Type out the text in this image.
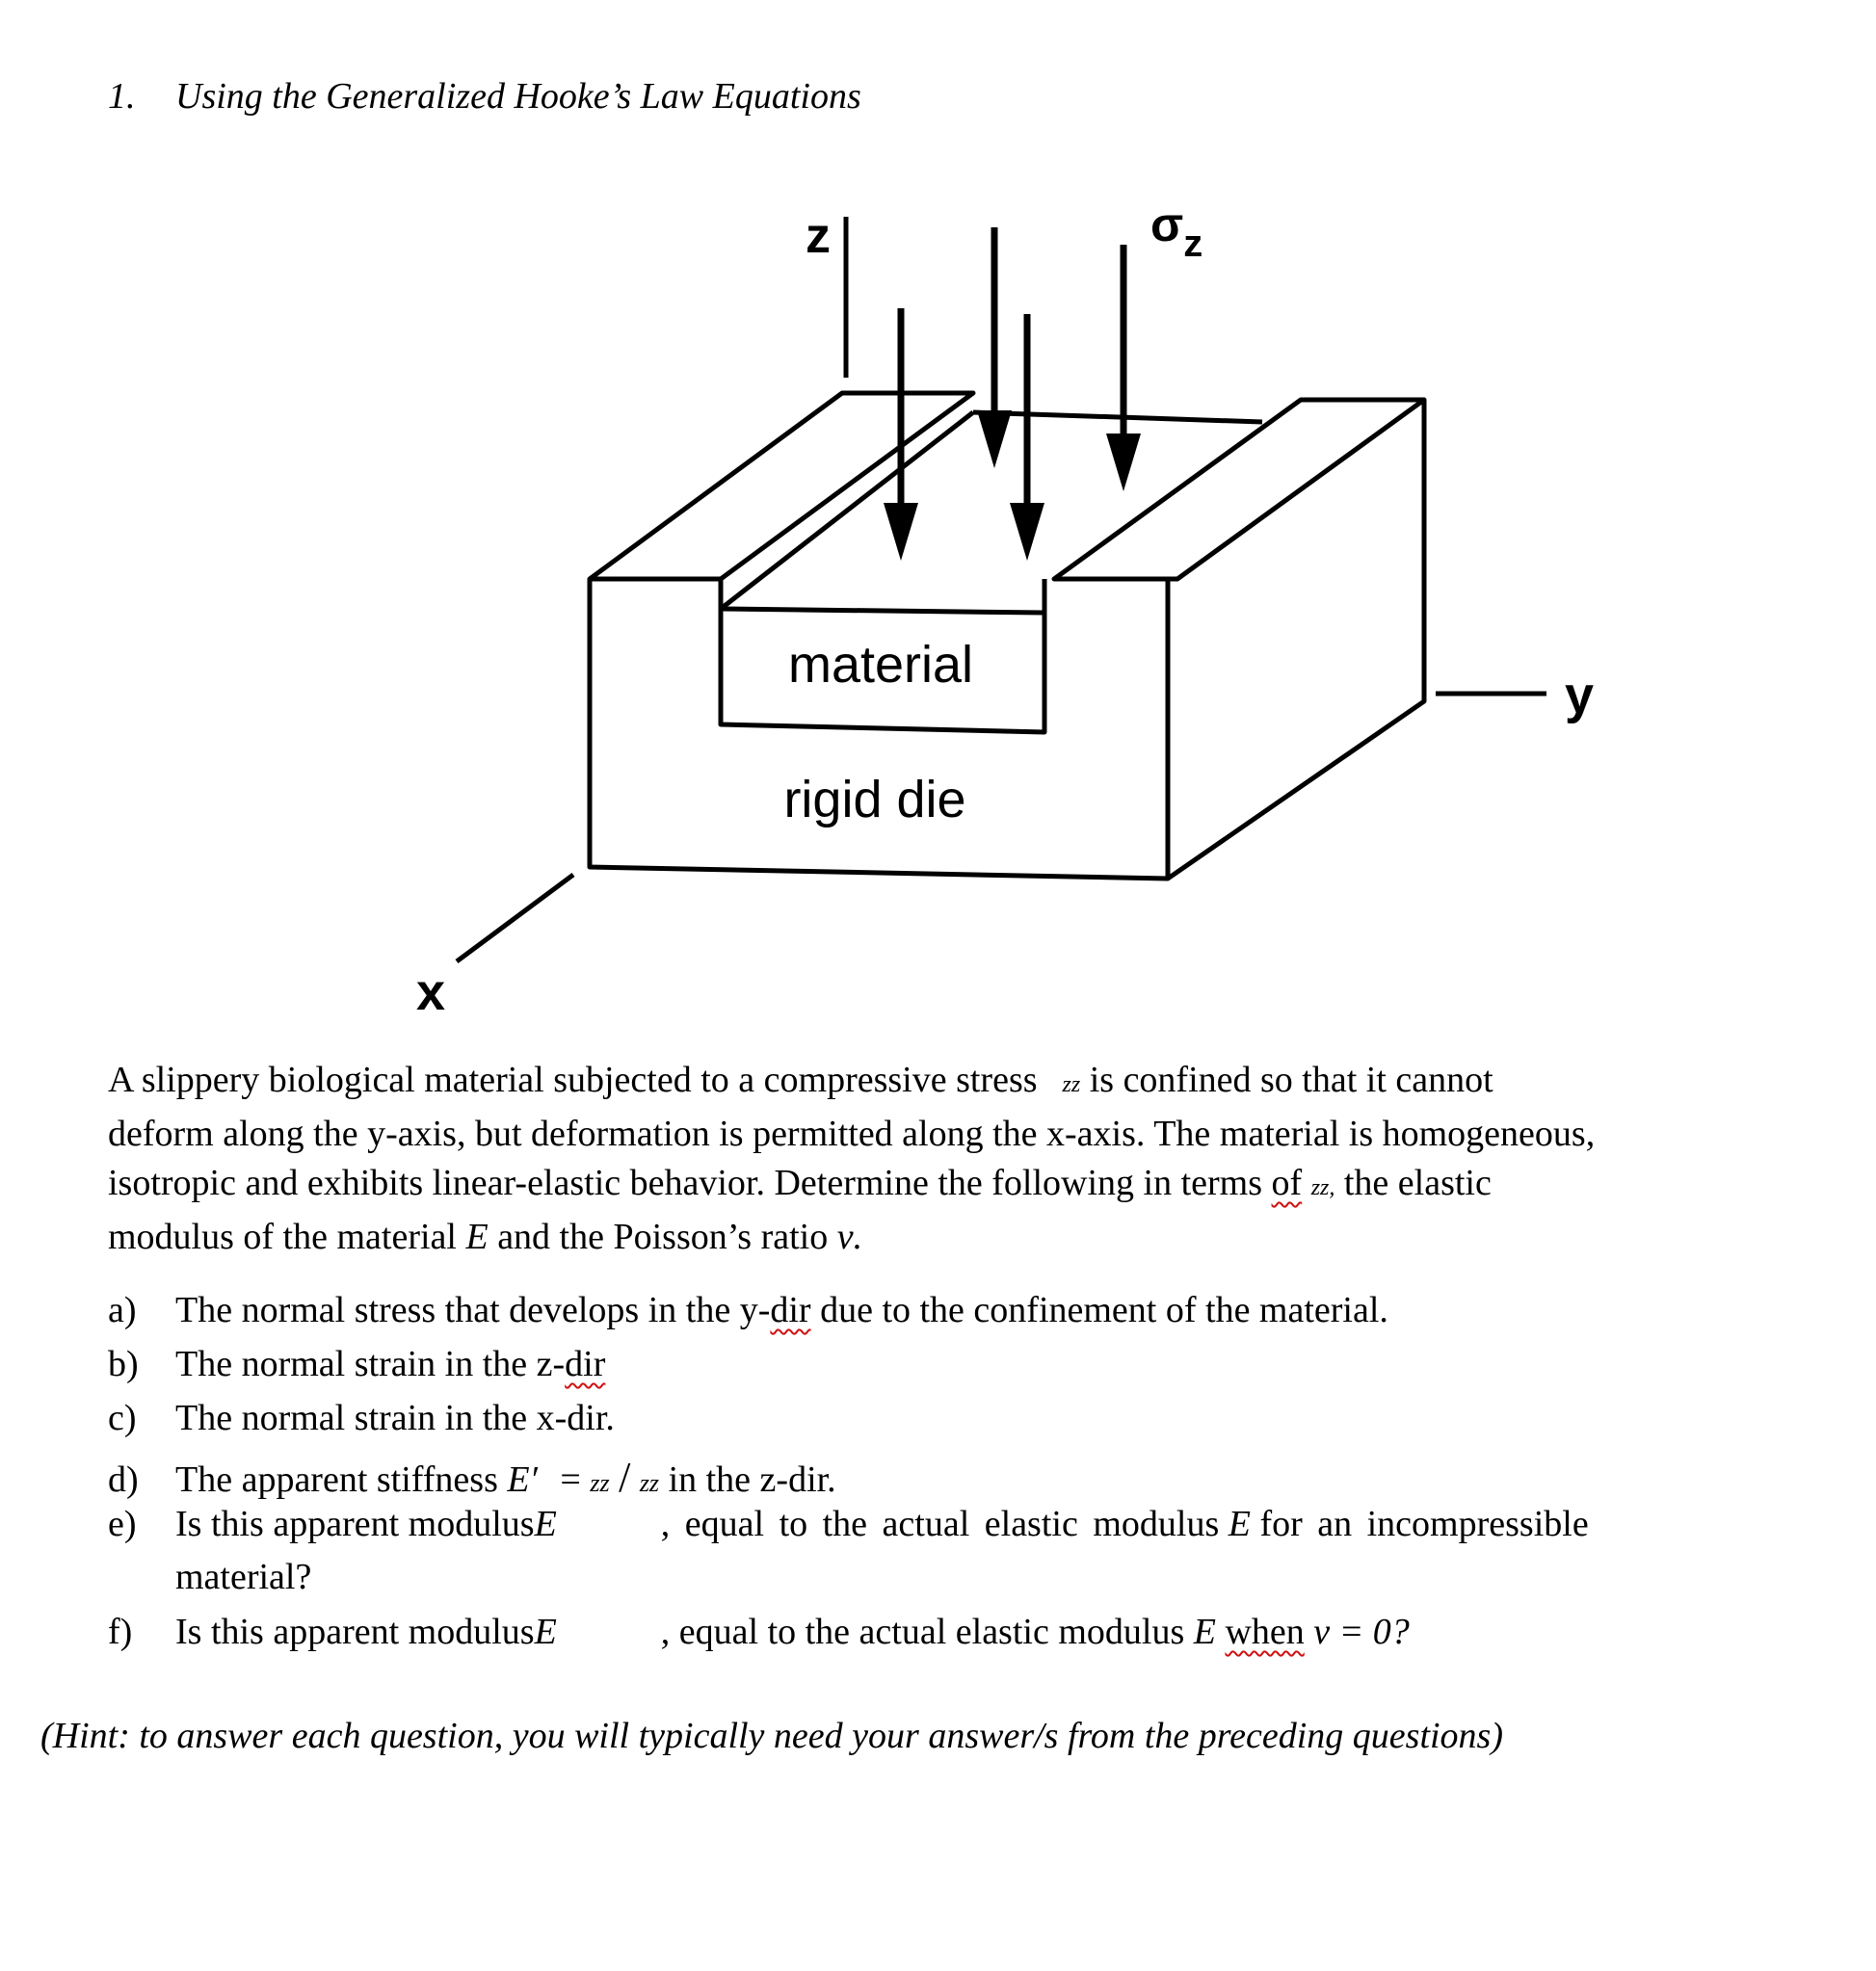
1. Using the Generalized Hooke’s Law Equations
material
rigid die
z
y
x
$\sigma_z$

A slippery biological material subjected to a compressive stress zz is confined so that it cannot

deform along the y-axis, but deformation is permitted along the x-axis. The material is homogeneous,

isotropic and exhibits linear-elastic behavior. Determine the following in terms of zz, the elastic

modulus of the material E and the Poisson’s ratio ν.

a) The normal stress that develops in the y-dir due to the confinement of the material.
b) The normal strain in the z-dir
c) The normal strain in the x-dir.
d) The apparent stiffness E′ = zz / zz in the z-dir.
e) Is this apparent modulusE	, equal to the actual elastic modulus E for an incompressible
material?
f) Is this apparent modulusE	, equal to the actual elastic modulus E when ν = 0?
(Hint: to answer each question, you will typically need your answer/s from the preceding questions)
